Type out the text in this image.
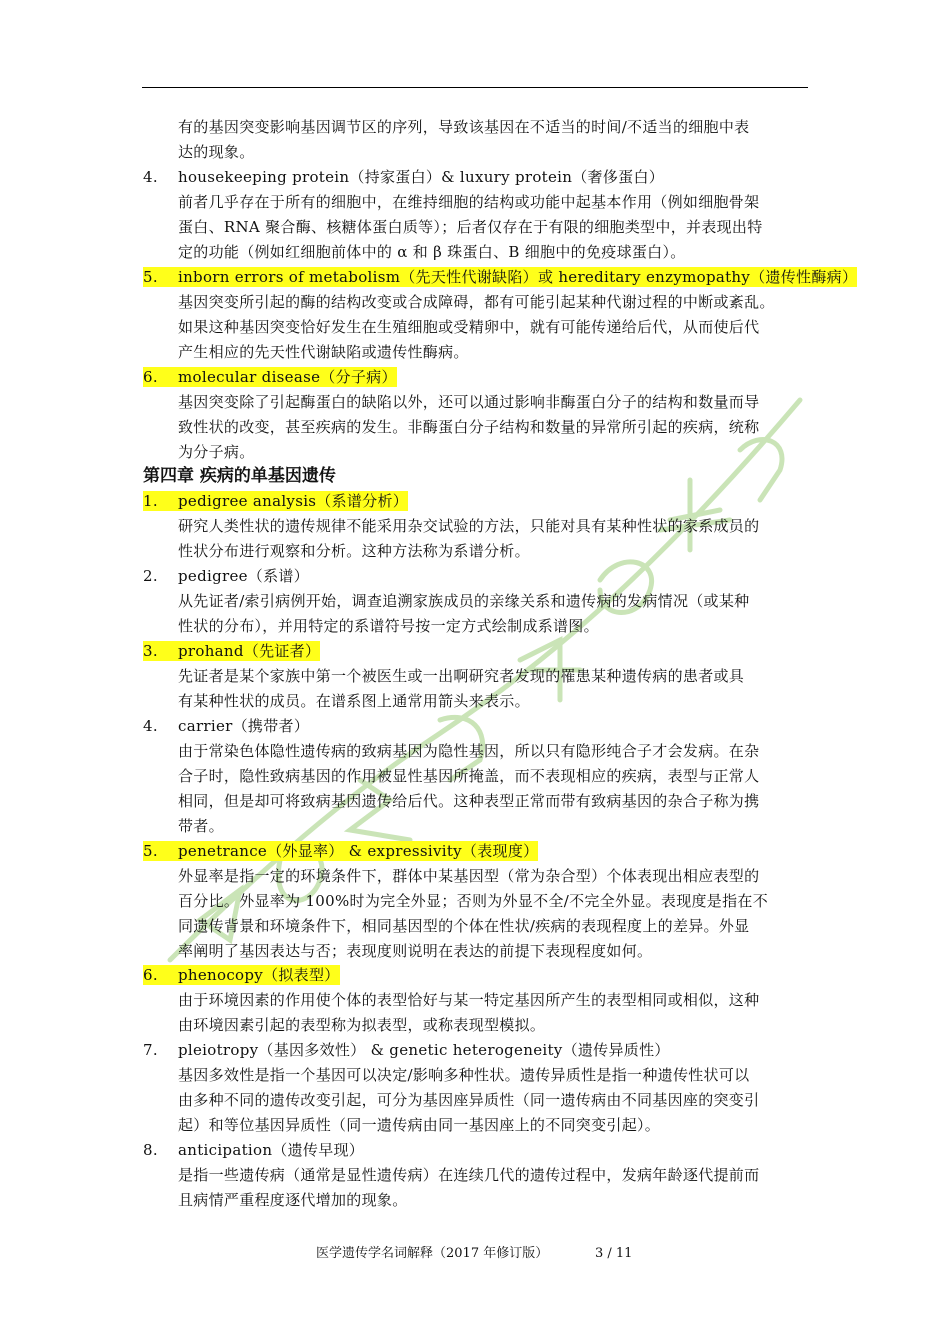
有的基因突变影响基因调节区的序列，导致该基因在不适当的时间/不适当的细胞中表
达的现象。
4. housekeeping protein（持家蛋白）& luxury protein（奢侈蛋白）
前者几乎存在于所有的细胞中，在维持细胞的结构或功能中起基本作用（例如细胞骨架
蛋白、RNA 聚合酶、核糖体蛋白质等）；后者仅存在于有限的细胞类型中，并表现出特
定的功能（例如红细胞前体中的 α 和 β 珠蛋白、B 细胞中的免疫球蛋白）。
5.	inborn errors of metabolism（先天性代谢缺陷）或 hereditary enzymopathy（遗传性酶病）
基因突变所引起的酶的结构改变或合成障碍，都有可能引起某种代谢过程的中断或紊乱。
如果这种基因突变恰好发生在生殖细胞或受精卵中，就有可能传递给后代，从而使后代
产生相应的先天性代谢缺陷或遗传性酶病。
6.	molecular disease（分子病）
基因突变除了引起酶蛋白的缺陷以外，还可以通过影响非酶蛋白分子的结构和数量而导
致性状的改变，甚至疾病的发生。非酶蛋白分子结构和数量的异常所引起的疾病，统称
为分子病。
第四章 疾病的单基因遗传
1.	pedigree analysis（系谱分析）
研究人类性状的遗传规律不能采用杂交试验的方法，只能对具有某种性状的家系成员的
性状分布进行观察和分析。这种方法称为系谱分析。
2. pedigree（系谱）
从先证者/索引病例开始，调查追溯家族成员的亲缘关系和遗传病的发病情况（或某种
性状的分布），并用特定的系谱符号按一定方式绘制成系谱图。
3.	prohand（先证者）
先证者是某个家族中第一个被医生或一出啊研究者发现的罹患某种遗传病的患者或具
有某种性状的成员。在谱系图上通常用箭头来表示。
4. carrier（携带者）
由于常染色体隐性遗传病的致病基因为隐性基因，所以只有隐形纯合子才会发病。在杂
合子时，隐性致病基因的作用被显性基因所掩盖，而不表现相应的疾病，表型与正常人
相同，但是却可将致病基因遗传给后代。这种表型正常而带有致病基因的杂合子称为携
带者。
5.	penetrance（外显率） & expressivity（表现度）
外显率是指一定的环境条件下，群体中某基因型（常为杂合型）个体表现出相应表型的
百分比。外显率为 100%时为完全外显；否则为外显不全/不完全外显。表现度是指在不
同遗传背景和环境条件下，相同基因型的个体在性状/疾病的表现程度上的差异。外显
率阐明了基因表达与否；表现度则说明在表达的前提下表现程度如何。
6.	phenocopy（拟表型）
由于环境因素的作用使个体的表型恰好与某一特定基因所产生的表型相同或相似，这种
由环境因素引起的表型称为拟表型，或称表现型模拟。
7. pleiotropy（基因多效性） & genetic heterogeneity（遗传异质性）
基因多效性是指一个基因可以决定/影响多种性状。遗传异质性是指一种遗传性状可以
由多种不同的遗传改变引起，可分为基因座异质性（同一遗传病由不同基因座的突变引
起）和等位基因异质性（同一遗传病由同一基因座上的不同突变引起）。
8. anticipation（遗传早现）
是指一些遗传病（通常是显性遗传病）在连续几代的遗传过程中，发病年龄逐代提前而
且病情严重程度逐代增加的现象。
医学遗传学名词解释（2017 年修订版）	3 / 11
